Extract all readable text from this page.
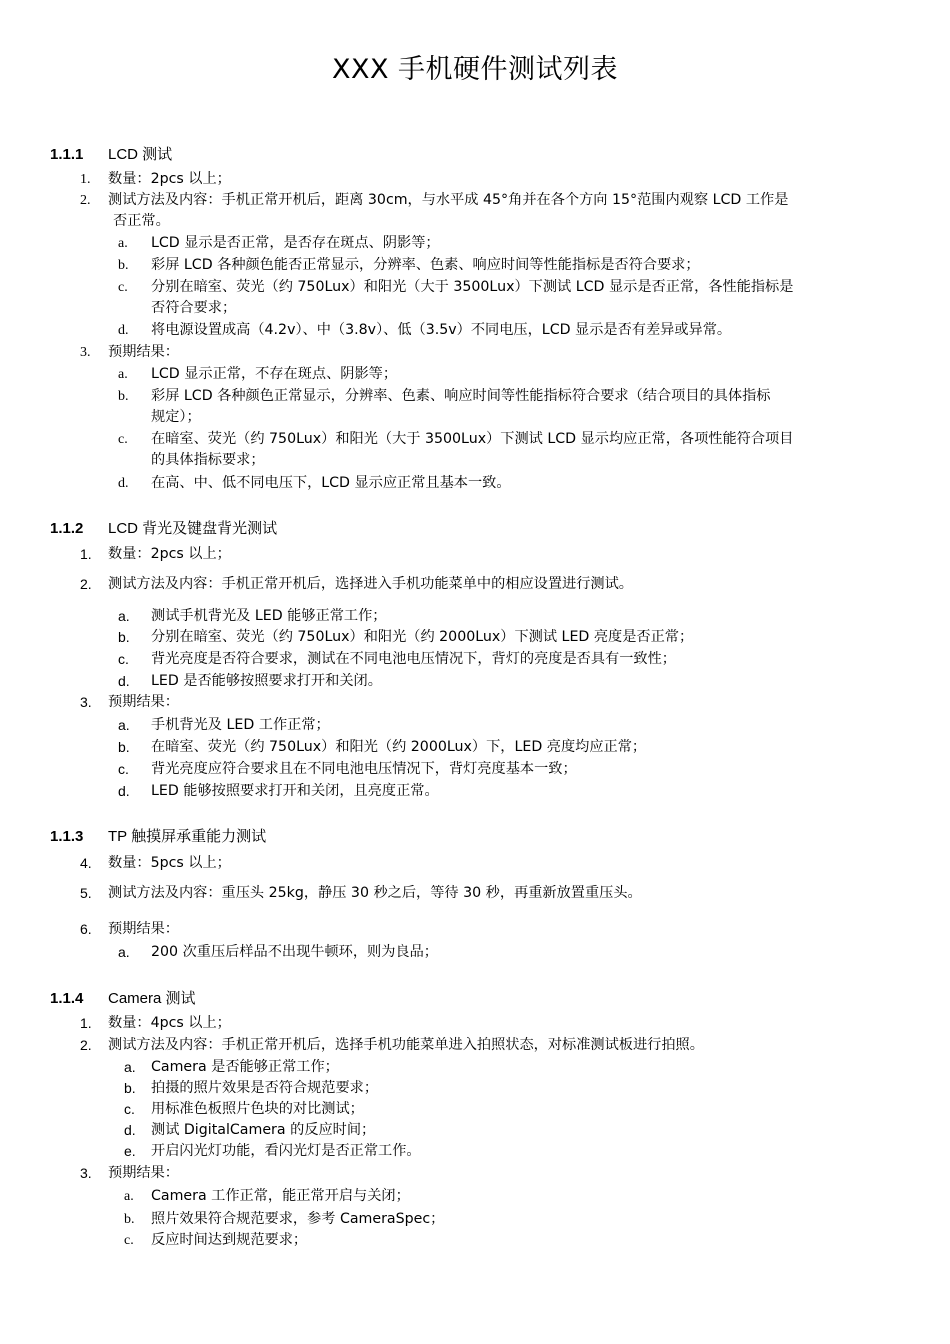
XXX 手机硬件测试列表
1.1.1 LCD 测试
1. 数量：2pcs 以上；
2. 测试方法及内容：手机正常开机后，距离 30cm，与水平成 45°角并在各个方向 15°范围内观察 LCD 工作是
否正常。
a. LCD 显示是否正常，是否存在斑点、阴影等；
b. 彩屏 LCD 各种颜色能否正常显示，分辨率、色素、响应时间等性能指标是否符合要求；
c. 分别在暗室、荧光（约 750Lux）和阳光（大于 3500Lux）下测试 LCD 显示是否正常，各性能指标是
否符合要求；
d. 将电源设置成高（4.2v）、中（3.8v）、低（3.5v）不同电压，LCD 显示是否有差异或异常。
3. 预期结果：
a. LCD 显示正常，不存在斑点、阴影等；
b. 彩屏 LCD 各种颜色正常显示，分辨率、色素、响应时间等性能指标符合要求（结合项目的具体指标
规定）；
c. 在暗室、荧光（约 750Lux）和阳光（大于 3500Lux）下测试 LCD 显示均应正常，各项性能符合项目
的具体指标要求；
d. 在高、中、低不同电压下，LCD 显示应正常且基本一致。
1.1.2 LCD 背光及键盘背光测试
1. 数量：2pcs 以上；
2. 测试方法及内容：手机正常开机后，选择进入手机功能菜单中的相应设置进行测试。
a. 测试手机背光及 LED 能够正常工作；
b. 分别在暗室、荧光（约 750Lux）和阳光（约 2000Lux）下测试 LED 亮度是否正常；
c. 背光亮度是否符合要求，测试在不同电池电压情况下，背灯的亮度是否具有一致性；
d. LED 是否能够按照要求打开和关闭。
3. 预期结果：
a. 手机背光及 LED 工作正常；
b. 在暗室、荧光（约 750Lux）和阳光（约 2000Lux）下，LED 亮度均应正常；
c. 背光亮度应符合要求且在不同电池电压情况下，背灯亮度基本一致；
d. LED 能够按照要求打开和关闭，且亮度正常。
1.1.3 TP 触摸屏承重能力测试
4. 数量：5pcs 以上；
5. 测试方法及内容：重压头 25kg，静压 30 秒之后，等待 30 秒，再重新放置重压头。
6. 预期结果：
a. 200 次重压后样品不出现牛顿环，则为良品；
1.1.4 Camera 测试
1. 数量：4pcs 以上；
2. 测试方法及内容：手机正常开机后，选择手机功能菜单进入拍照状态，对标准测试板进行拍照。
a. Camera 是否能够正常工作；
b. 拍摄的照片效果是否符合规范要求；
c. 用标准色板照片色块的对比测试；
d. 测试 DigitalCamera 的反应时间；
e. 开启闪光灯功能，看闪光灯是否正常工作。
3. 预期结果：
a. Camera 工作正常，能正常开启与关闭；
b. 照片效果符合规范要求，参考 CameraSpec；
c. 反应时间达到规范要求；
